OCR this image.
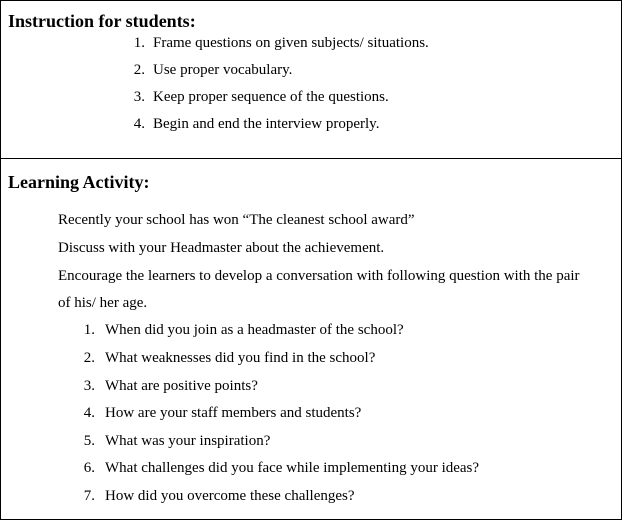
Instruction for students:
1. Frame questions on given subjects/ situations.
2. Use proper vocabulary.
3. Keep proper sequence of the questions.
4. Begin and end the interview properly.
Learning Activity:
Recently your school has won “The cleanest school award”
Discuss with your Headmaster about the achievement.
Encourage the learners to develop a conversation with following question with the pair
of his/ her age.
1. When did you join as a headmaster of the school?
2. What weaknesses did you find in the school?
3. What are positive points?
4. How are your staff members and students?
5. What was your inspiration?
6. What challenges did you face while implementing your ideas?
7. How did you overcome these challenges?
